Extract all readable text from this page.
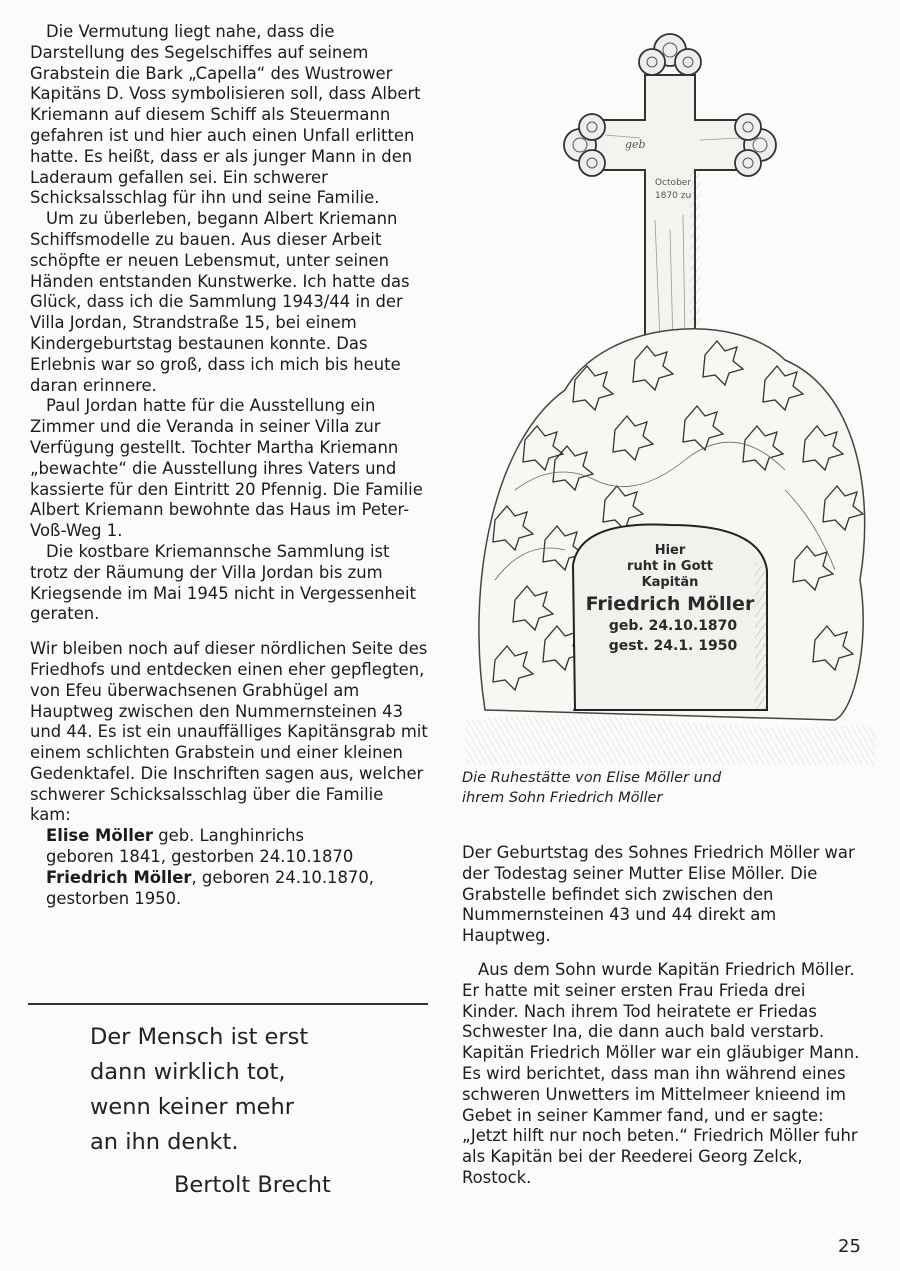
Die Vermutung liegt nahe, dass die Darstellung des Segelschiffes auf seinem Grabstein die Bark „Capella“ des Wustrower Kapitäns D. Voss symbolisieren soll, dass Albert Kriemann auf diesem Schiff als Steuermann gefahren ist und hier auch einen Unfall erlitten hatte. Es heißt, dass er als junger Mann in den Laderaum gefallen sei. Ein schwerer Schicksalsschlag für ihn und seine Familie.

Um zu überleben, begann Albert Kriemann Schiffsmodelle zu bauen. Aus dieser Arbeit schöpfte er neuen Lebensmut, unter seinen Händen entstanden Kunstwerke. Ich hatte das Glück, dass ich die Sammlung 1943/44 in der Villa Jordan, Strandstraße 15, bei einem Kindergeburtstag bestaunen konnte. Das Erlebnis war so groß, dass ich mich bis heute daran erinnere.

Paul Jordan hatte für die Ausstellung ein Zimmer und die Veranda in seiner Villa zur Verfügung gestellt. Tochter Martha Kriemann „bewachte“ die Ausstellung ihres Vaters und kassierte für den Eintritt 20 Pfennig. Die Familie Albert Kriemann bewohnte das Haus im Peter-Voß-Weg 1.

Die kostbare Kriemannsche Sammlung ist trotz der Räumung der Villa Jordan bis zum Kriegsende im Mai 1945 nicht in Vergessenheit geraten.

Wir bleiben noch auf dieser nördlichen Seite des Friedhofs und entdecken einen eher gepflegten, von Efeu überwachsenen Grabhügel am Hauptweg zwischen den Nummernsteinen 43 und 44. Es ist ein unauffälliges Kapitänsgrab mit einem schlichten Grabstein und einer kleinen Gedenktafel. Die Inschriften sagen aus, welcher schwerer Schicksalsschlag über die Familie kam:

Elise Möller geb. Langhinrichs
geboren 1841, gestorben 24.10.1870
Friedrich Möller, geboren 24.10.1870,
gestorben 1950.
Der Mensch ist erst
dann wirklich tot,
wenn keiner mehr
an ihn denkt.
Bertolt Brecht
geb
October
1870 zu
Hier
ruht in Gott
Kapitän
Friedrich Möller
geb. 24.10.1870
gest. 24.1. 1950
Die Ruhestätte von Elise Möller und
ihrem Sohn Friedrich Möller

Der Geburtstag des Sohnes Friedrich Möller war der Todestag seiner Mutter Elise Möller. Die Grabstelle befindet sich zwischen den Nummernsteinen 43 und 44 direkt am Hauptweg.

Aus dem Sohn wurde Kapitän Friedrich Möller. Er hatte mit seiner ersten Frau Frieda drei Kinder. Nach ihrem Tod heiratete er Friedas Schwester Ina, die dann auch bald verstarb. Kapitän Friedrich Möller war ein gläubiger Mann. Es wird berichtet, dass man ihn während eines schweren Unwetters im Mittelmeer knieend im Gebet in seiner Kammer fand, und er sagte: „Jetzt hilft nur noch beten.“ Friedrich Möller fuhr als Kapitän bei der Reederei Georg Zelck, Rostock.

25
